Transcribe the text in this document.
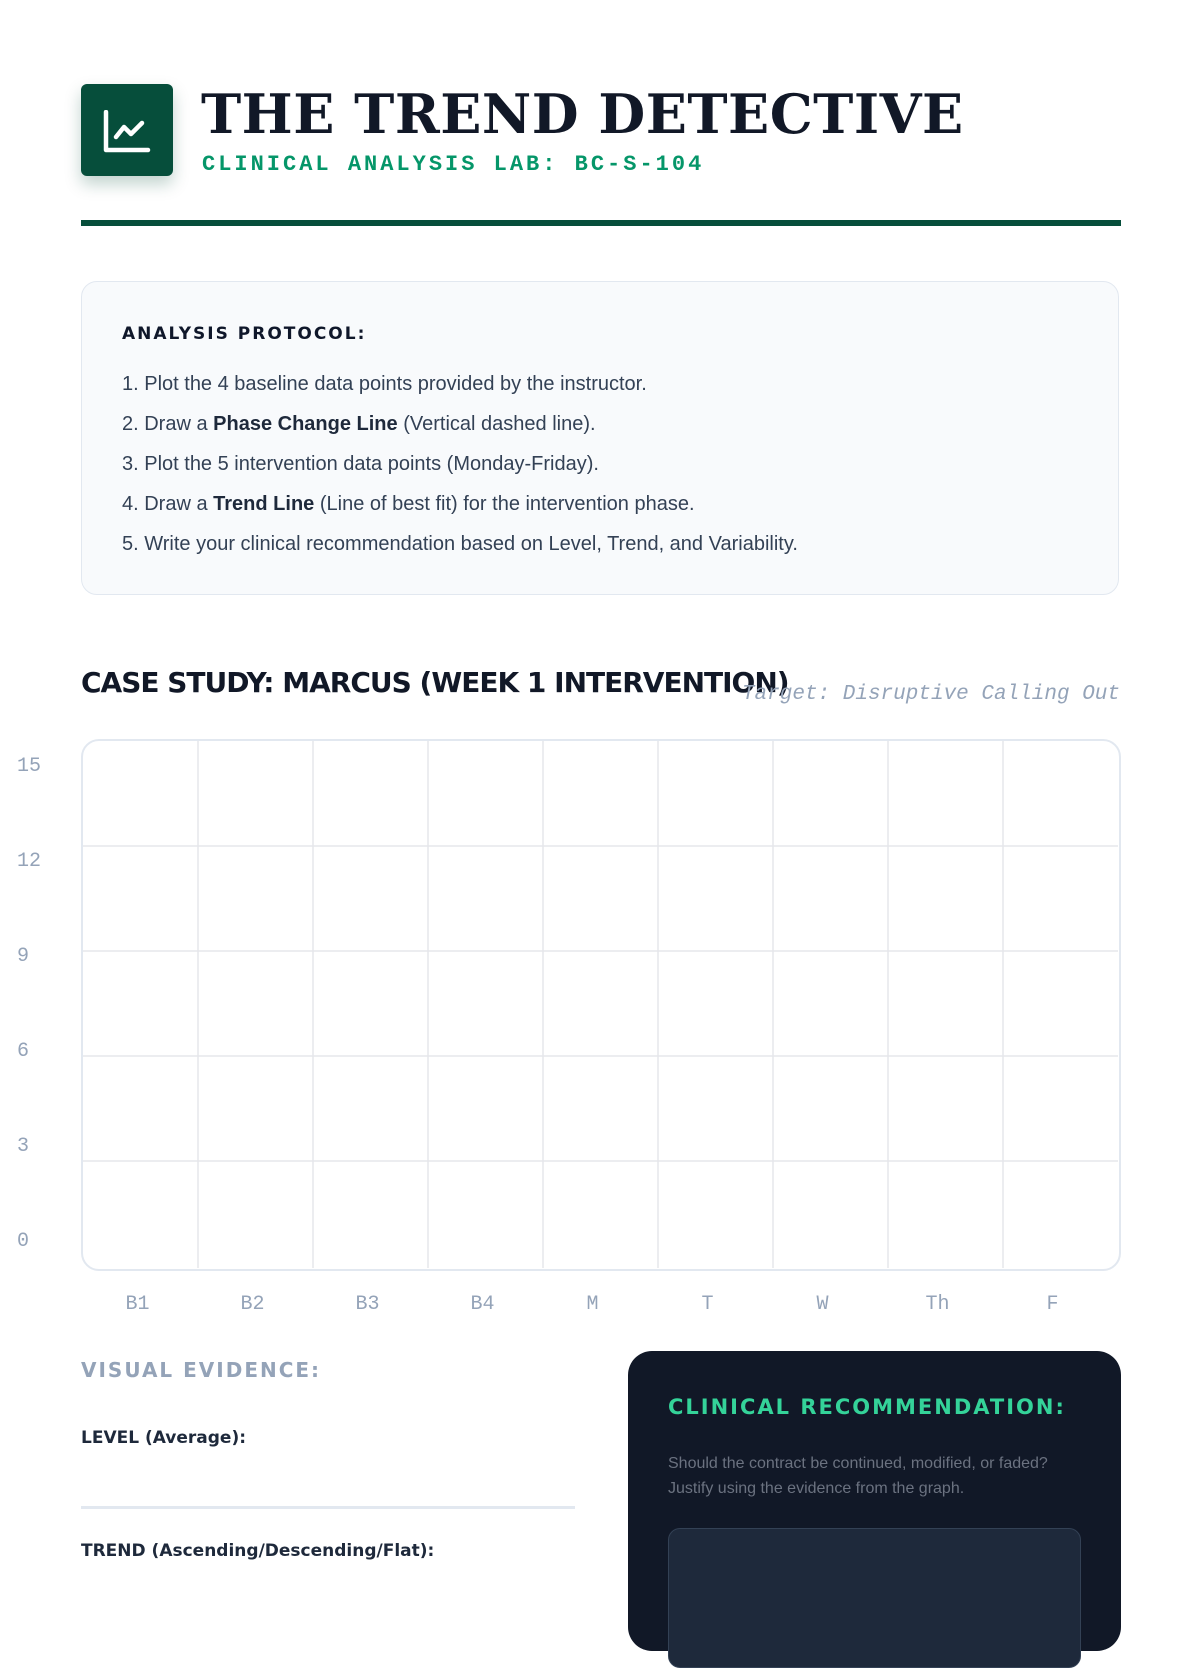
THE TREND DETECTIVE
CLINICAL ANALYSIS LAB: BC-S-104
ANALYSIS PROTOCOL:
1. Plot the 4 baseline data points provided by the instructor.
2. Draw a Phase Change Line (Vertical dashed line).
3. Plot the 5 intervention data points (Monday-Friday).
4. Draw a Trend Line (Line of best fit) for the intervention phase.
5. Write your clinical recommendation based on Level, Trend, and Variability.
CASE STUDY: MARCUS (WEEK 1 INTERVENTION)
Target: Disruptive Calling Out
15
12
9
6
3
0
B1	B2	B3	B4	M	T	W	Th	F
VISUAL EVIDENCE:
LEVEL (Average):
TREND (Ascending/Descending/Flat):
CLINICAL RECOMMENDATION:
Should the contract be continued, modified, or faded? Justify using the evidence from the graph.
